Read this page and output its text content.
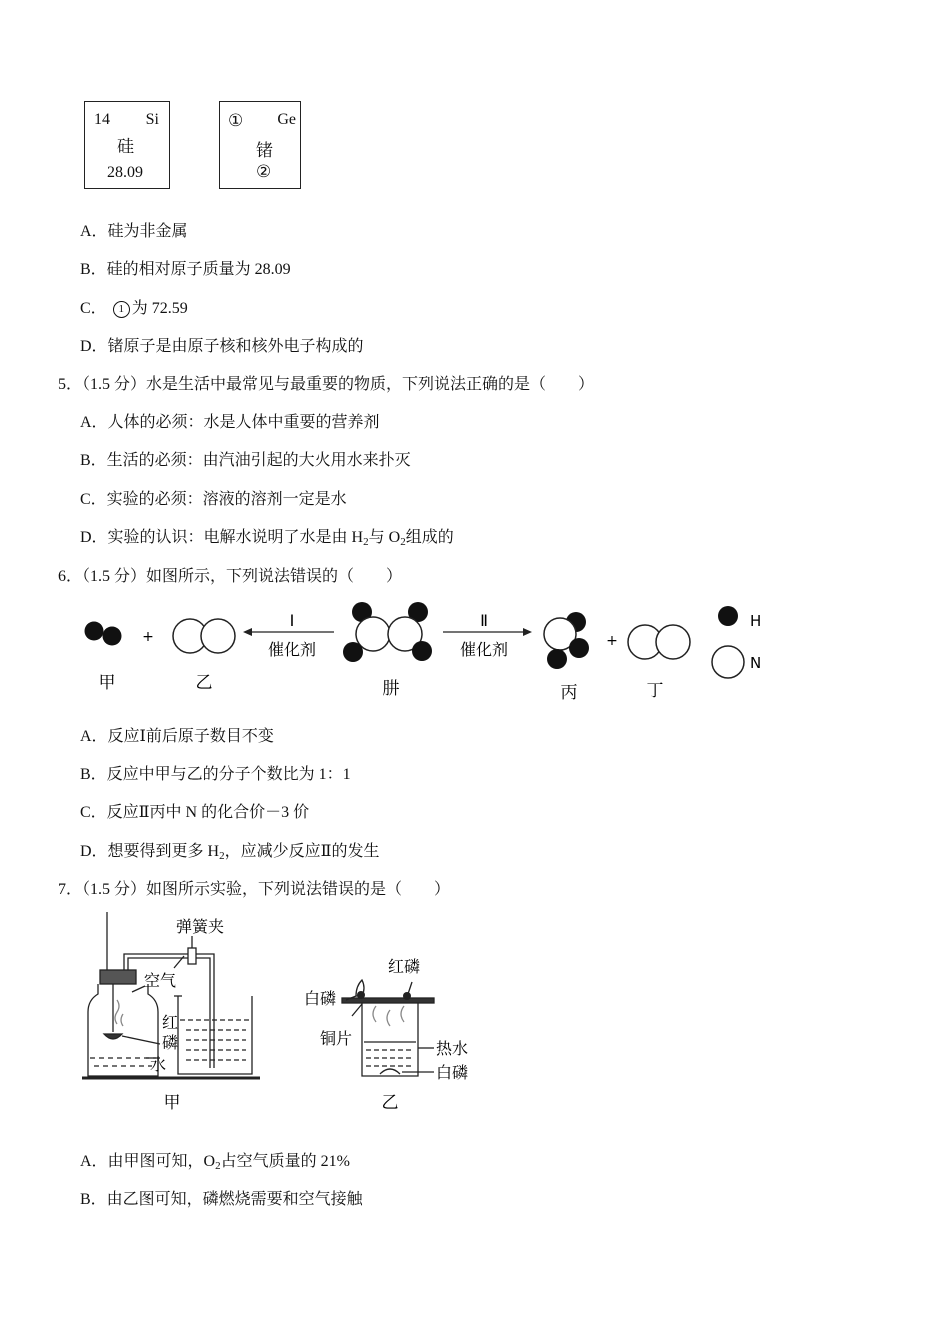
14 Si
硅
28.09
① Ge
锗
②
A．硅为非金属
B．硅的相对原子质量为 28.09
C． 1 为 72.59
D．锗原子是由原子核和核外电子构成的
5．（1.5 分）水是生活中最常见与最重要的物质，下列说法正确的是（　　）
A．人体的必须：水是人体中重要的营养剂
B．生活的必须：由汽油引起的大火用水来扑灭
C．实验的必须：溶液的溶剂一定是水
D．实验的认识：电解水说明了水是由 $H_2$与 $O_2$组成的
6．（1.5 分）如图所示，下列说法错误的（　　）
+
Ⅰ
催化剂
Ⅱ
催化剂	+
H
N
甲	乙	肼	丙	丁
A．反应Ⅰ前后原子数目不变
B．反应中甲与乙的分子个数比为 1：1
C．反应Ⅱ丙中 N 的化合价－3 价
D．想要得到更多 $H_2$，应减少反应Ⅱ的发生
7．（1.5 分）如图所示实验，下列说法错误的是（　　）
弹簧夹
空气
红
磷
水
甲
红磷
白磷
铜片
热水
白磷
乙
A．由甲图可知，$O_2$占空气质量的 21%
B．由乙图可知，磷燃烧需要和空气接触
